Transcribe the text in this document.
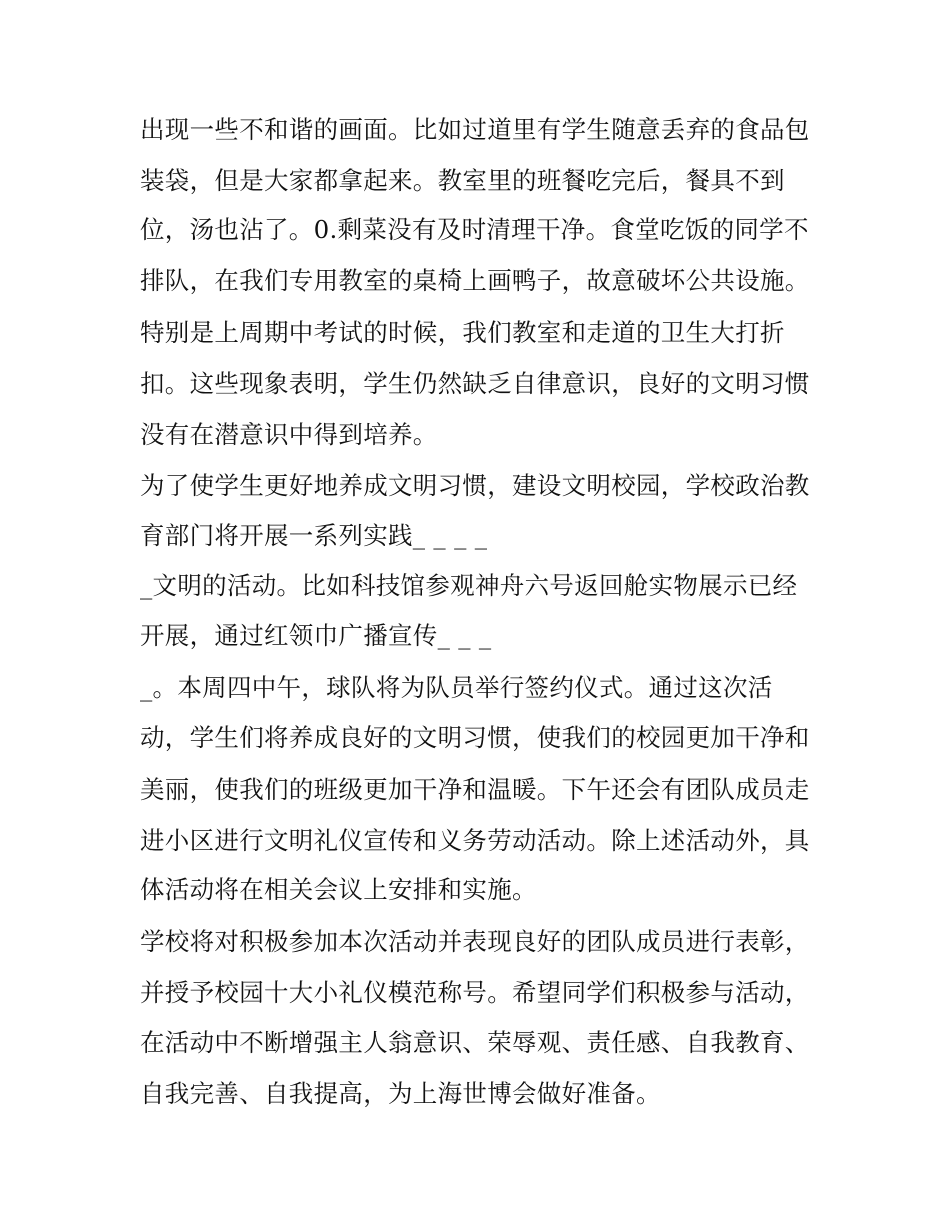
出现一些不和谐的画面。比如过道里有学生随意丢弃的食品包
装袋，但是大家都拿起来。教室里的班餐吃完后，餐具不到
位，汤也沾了。0.剩菜没有及时清理干净。食堂吃饭的同学不
排队，在我们专用教室的桌椅上画鸭子，故意破坏公共设施。
特别是上周期中考试的时候，我们教室和走道的卫生大打折
扣。这些现象表明，学生仍然缺乏自律意识，良好的文明习惯
没有在潜意识中得到培养。
为了使学生更好地养成文明习惯，建设文明校园，学校政治教
育部门将开展一系列实践_ _ _ _
_文明的活动。比如科技馆参观神舟六号返回舱实物展示已经
开展，通过红领巾广播宣传_ _ _
_。本周四中午，球队将为队员举行签约仪式。通过这次活
动，学生们将养成良好的文明习惯，使我们的校园更加干净和
美丽，使我们的班级更加干净和温暖。下午还会有团队成员走
进小区进行文明礼仪宣传和义务劳动活动。除上述活动外，具
体活动将在相关会议上安排和实施。
学校将对积极参加本次活动并表现良好的团队成员进行表彰，
并授予校园十大小礼仪模范称号。希望同学们积极参与活动，
在活动中不断增强主人翁意识、荣辱观、责任感、自我教育、
自我完善、自我提高，为上海世博会做好准备。
